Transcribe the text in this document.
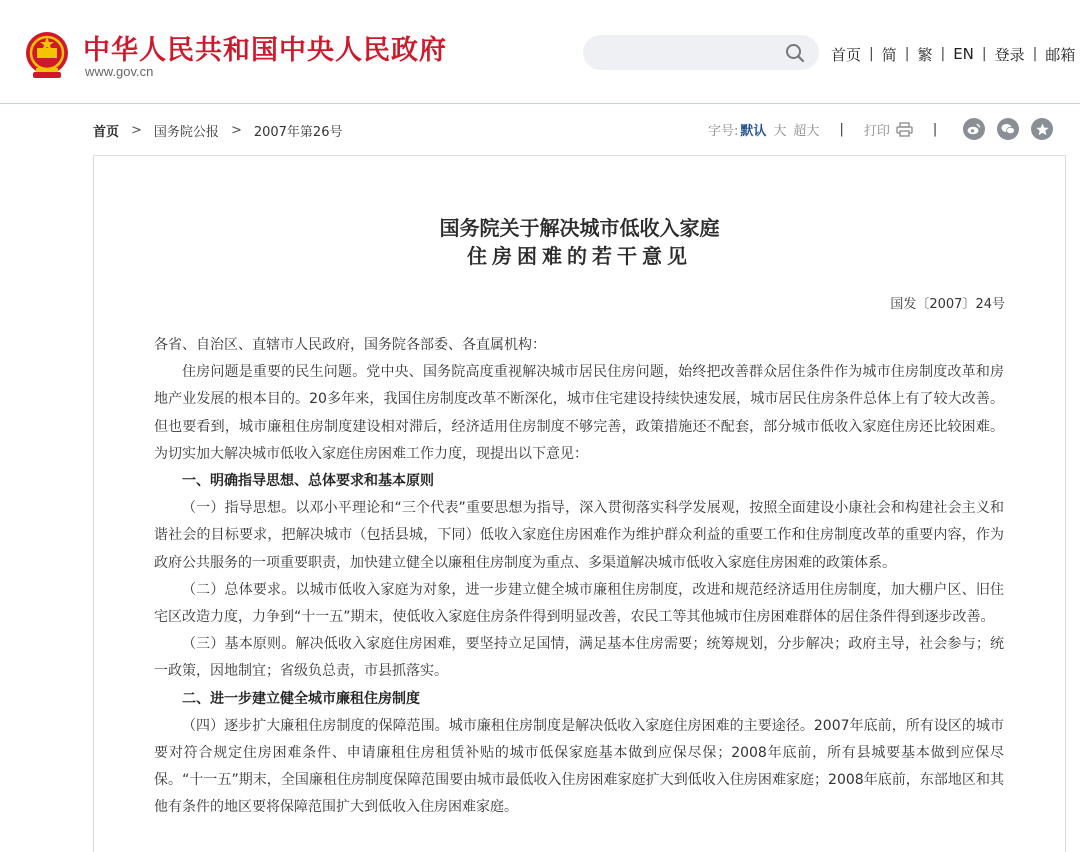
中华人民共和国中央人民政府
www.gov.cn
首页 | 简 | 繁 | EN | 登录 | 邮箱
首页 > 国务院公报 > 2007年第26号	字号: 默认 大 超大 | 打印	|
国务院关于解决城市低收入家庭
住房困难的若干意见
国发〔2007〕24号

各省、自治区、直辖市人民政府，国务院各部委、各直属机构：

住房问题是重要的民生问题。党中央、国务院高度重视解决城市居民住房问题，始终把改善群众居住条件作为城市住房制度改革和房地产业发展的根本目的。20多年来，我国住房制度改革不断深化，城市住宅建设持续快速发展，城市居民住房条件总体上有了较大改善。但也要看到，城市廉租住房制度建设相对滞后，经济适用住房制度不够完善，政策措施还不配套，部分城市低收入家庭住房还比较困难。为切实加大解决城市低收入家庭住房困难工作力度，现提出以下意见：

一、明确指导思想、总体要求和基本原则

（一）指导思想。以邓小平理论和“三个代表”重要思想为指导，深入贯彻落实科学发展观，按照全面建设小康社会和构建社会主义和谐社会的目标要求，把解决城市（包括县城，下同）低收入家庭住房困难作为维护群众利益的重要工作和住房制度改革的重要内容，作为政府公共服务的一项重要职责，加快建立健全以廉租住房制度为重点、多渠道解决城市低收入家庭住房困难的政策体系。

（二）总体要求。以城市低收入家庭为对象，进一步建立健全城市廉租住房制度，改进和规范经济适用住房制度，加大棚户区、旧住宅区改造力度，力争到“十一五”期末，使低收入家庭住房条件得到明显改善，农民工等其他城市住房困难群体的居住条件得到逐步改善。

（三）基本原则。解决低收入家庭住房困难，要坚持立足国情，满足基本住房需要；统筹规划，分步解决；政府主导，社会参与；统一政策，因地制宜；省级负总责，市县抓落实。

二、进一步建立健全城市廉租住房制度

（四）逐步扩大廉租住房制度的保障范围。城市廉租住房制度是解决低收入家庭住房困难的主要途径。2007年底前，所有设区的城市要对符合规定住房困难条件、申请廉租住房租赁补贴的城市低保家庭基本做到应保尽保；2008年底前，所有县城要基本做到应保尽保。“十一五”期末，全国廉租住房制度保障范围要由城市最低收入住房困难家庭扩大到低收入住房困难家庭；2008年底前，东部地区和其他有条件的地区要将保障范围扩大到低收入住房困难家庭。
